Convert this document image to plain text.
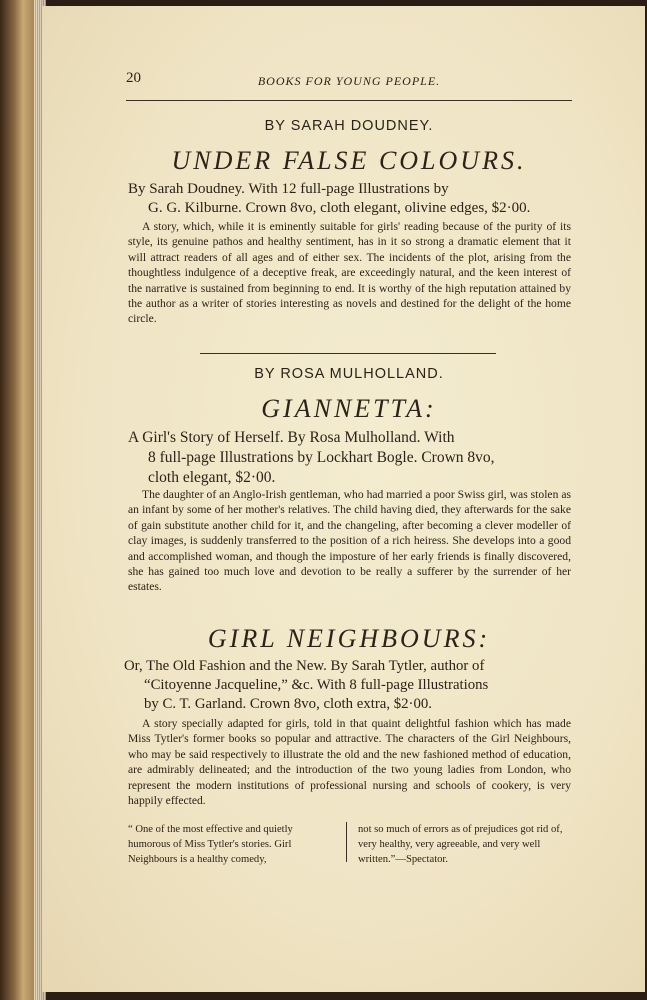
20	BOOKS FOR YOUNG PEOPLE.
BY SARAH DOUDNEY.
UNDER FALSE COLOURS.
By Sarah Doudney. With 12 full-page Illustrations by
G. G. Kilburne. Crown 8vo, cloth elegant, olivine edges, $2·00.

A story, which, while it is eminently suitable for girls' reading because of the purity of its style, its genuine pathos and healthy sentiment, has in it so strong a dramatic element that it will attract readers of all ages and of either sex. The incidents of the plot, arising from the thoughtless indulgence of a deceptive freak, are exceedingly natural, and the keen interest of the narrative is sustained from beginning to end. It is worthy of the high reputation attained by the author as a writer of stories interesting as novels and destined for the delight of the home circle.

BY ROSA MULHOLLAND.
GIANNETTA:
A Girl's Story of Herself. By Rosa Mulholland. With
8 full-page Illustrations by Lockhart Bogle. Crown 8vo,
cloth elegant, $2·00.

The daughter of an Anglo-Irish gentleman, who had married a poor Swiss girl, was stolen as an infant by some of her mother's relatives. The child having died, they afterwards for the sake of gain substitute another child for it, and the changeling, after becoming a clever modeller of clay images, is suddenly transferred to the position of a rich heiress. She develops into a good and accomplished woman, and though the imposture of her early friends is finally discovered, she has gained too much love and devotion to be really a sufferer by the surrender of her estates.

GIRL NEIGHBOURS:
Or, The Old Fashion and the New. By Sarah Tytler, author of
“Citoyenne Jacqueline,” &c. With 8 full-page Illustrations
by C. T. Garland. Crown 8vo, cloth extra, $2·00.

A story specially adapted for girls, told in that quaint delightful fashion which has made Miss Tytler's former books so popular and attractive. The characters of the Girl Neighbours, who may be said respectively to illustrate the old and the new fashioned method of education, are admirably delineated; and the introduction of the two young ladies from London, who represent the modern institutions of professional nursing and schools of cookery, is very happily effected.

“ One of the most effective and quietly humorous of Miss Tytler's stories. Girl Neighbours is a healthy comedy,
not so much of errors as of prejudices got rid of, very healthy, very agreeable, and very well written.”—Spectator.
